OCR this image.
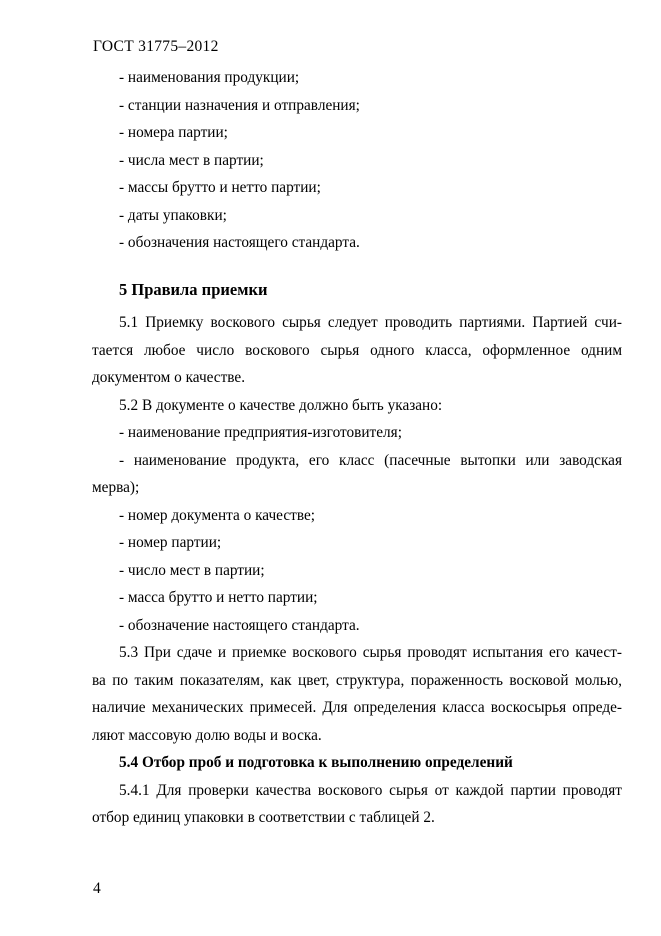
ГОСТ 31775–2012
- наименования продукции;
- станции назначения и отправления;
- номера партии;
- числа мест в партии;
- массы брутто и нетто партии;
- даты упаковки;
- обозначения настоящего стандарта.
5 Правила приемки
5.1 Приемку воскового сырья следует проводить партиями. Партией счи-
тается любое число воскового сырья одного класса, оформленное одним
документом о качестве.
5.2 В документе о качестве должно быть указано:
- наименование предприятия-изготовителя;
- наименование продукта, его класс (пасечные вытопки или заводская
мерва);
- номер документа о качестве;
- номер партии;
- число мест в партии;
- масса брутто и нетто партии;
- обозначение настоящего стандарта.
5.3 При сдаче и приемке воскового сырья проводят испытания его качест-
ва по таким показателям, как цвет, структура, пораженность восковой молью,
наличие механических примесей. Для определения класса воскосырья опреде-
ляют массовую долю воды и воска.
5.4 Отбор проб и подготовка к выполнению определений
5.4.1 Для проверки качества воскового сырья от каждой партии проводят
отбор единиц упаковки в соответствии с таблицей 2.
4
